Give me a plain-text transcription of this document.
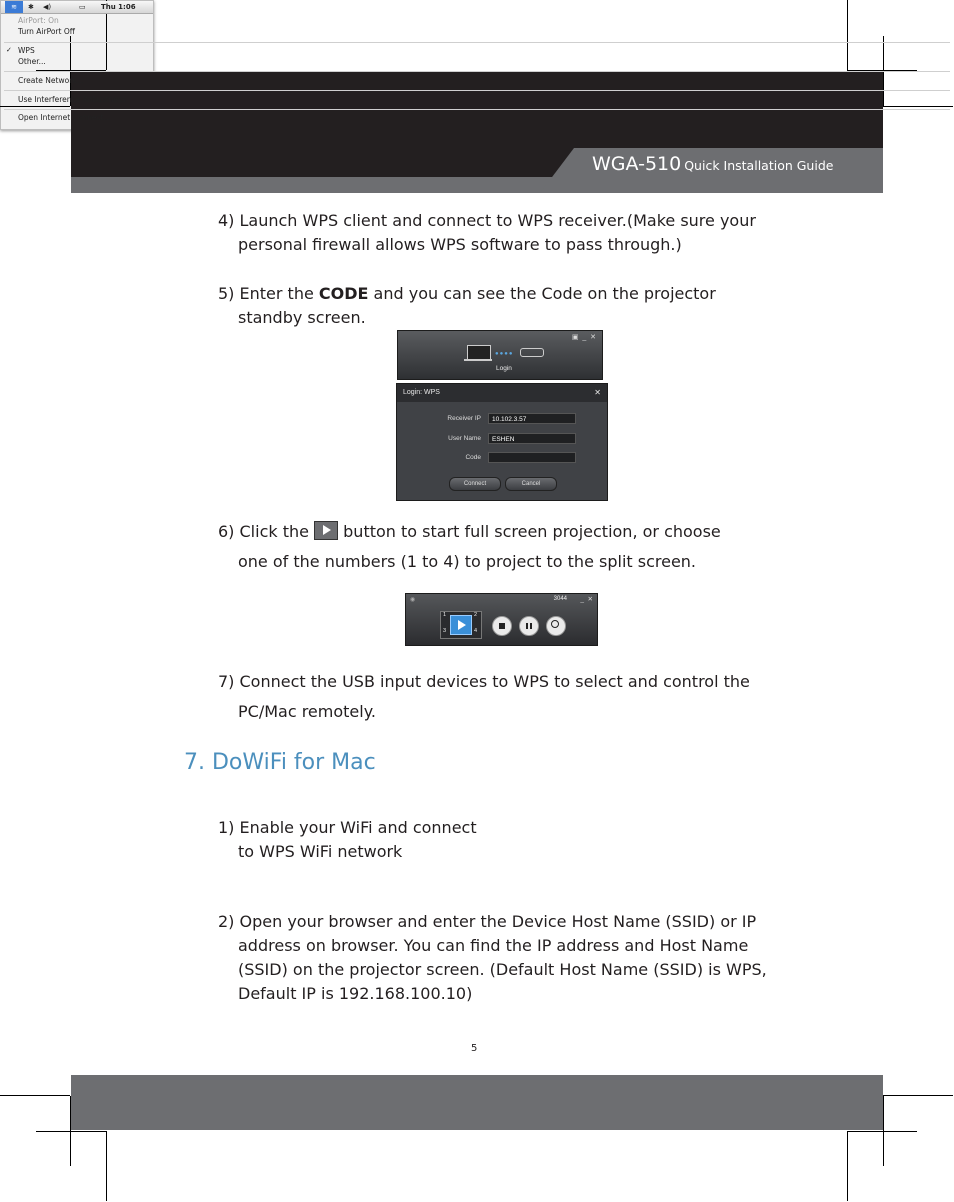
WGA-510 Quick Installation Guide
4) Launch WPS client and connect to WPS receiver.(Make sure your
personal firewall allows WPS software to pass through.)
5) Enter the CODE and you can see the Code on the projector
standby screen.
▣  _  ✕
●●●●
Login
Login: WPS	✕
Receiver IP	10.102.3.57
User Name	ESHEN
Code
Connect	Cancel
6) Click the  button to start full screen projection, or choose
one of the numbers (1 to 4) to project to the split screen.
◉	3044 _  ✕
1	2
3	4
7) Connect the USB input devices to WPS to select and control the
PC/Mac remotely.
7. DoWiFi for Mac
1) Enable your WiFi and connect
to WPS WiFi network
≋	✱ ◀)	▭ Thu 1:06
AirPort: On
Turn AirPort Off
✓ WPS
Other...
Create Network...
Use Interference Robustness
Open Internet Connect...
2) Open your browser and enter the Device Host Name (SSID) or IP
address on browser. You can find the IP address and Host Name
(SSID) on the projector screen. (Default Host Name (SSID) is WPS,
Default IP is 192.168.100.10)
5
